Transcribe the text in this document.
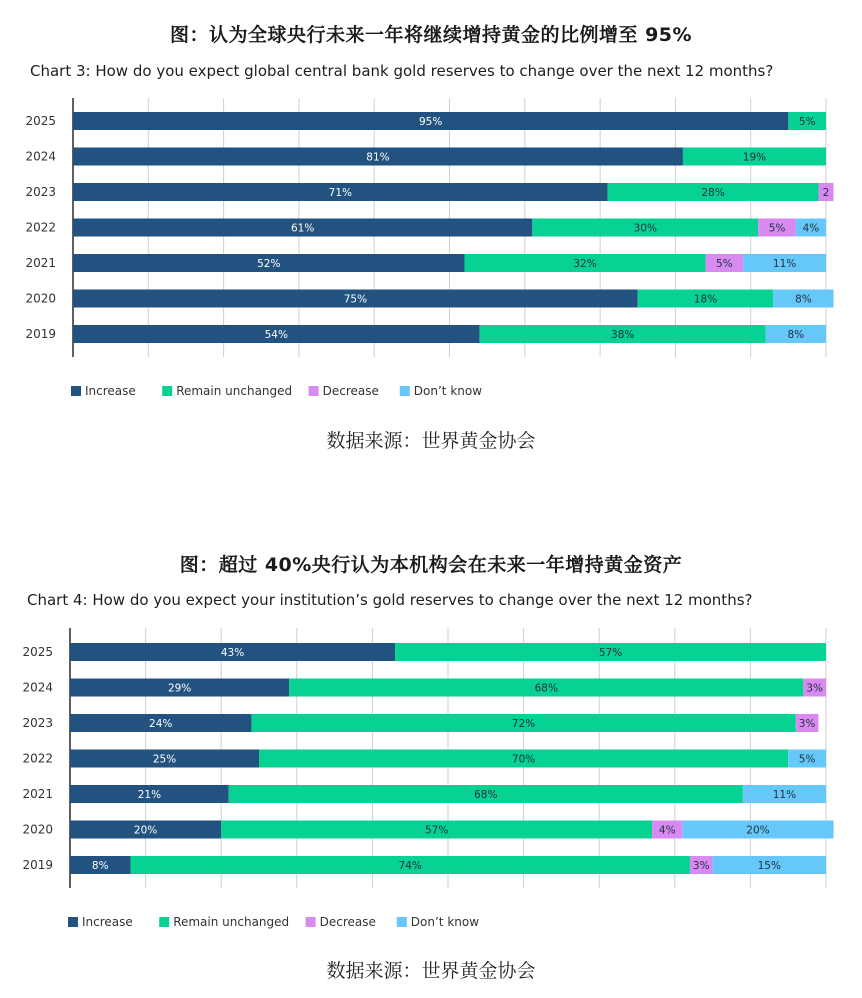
图：认为全球央行未来一年将继续增持黄金的比例增至 95%
Chart 3: How do you expect global central bank gold reserves to change over the next 12 months?
2025	95%	5%
2024	81%	19%
2023	71%	28%	2
2022	61%	30%	5% 4%
2021	52%	32%	5%	11%
2020	75%	18%	8%
2019	54%	38%	8%
Increase	Remain unchanged	Decrease	Don’t know
数据来源：世界黄金协会
图：超过 40%央行认为本机构会在未来一年增持黄金资产
Chart 4: How do you expect your institution’s gold reserves to change over the next 12 months?
2025	43%	57%
2024	29%	68%	3%
2023	24%	72%	3%
2022	25%	70%	5%
2021	21%	68%	11%
2020	20%	57%	4%	20%
2019	8%	74%	3%	15%
Increase	Remain unchanged	Decrease	Don’t know
数据来源：世界黄金协会
